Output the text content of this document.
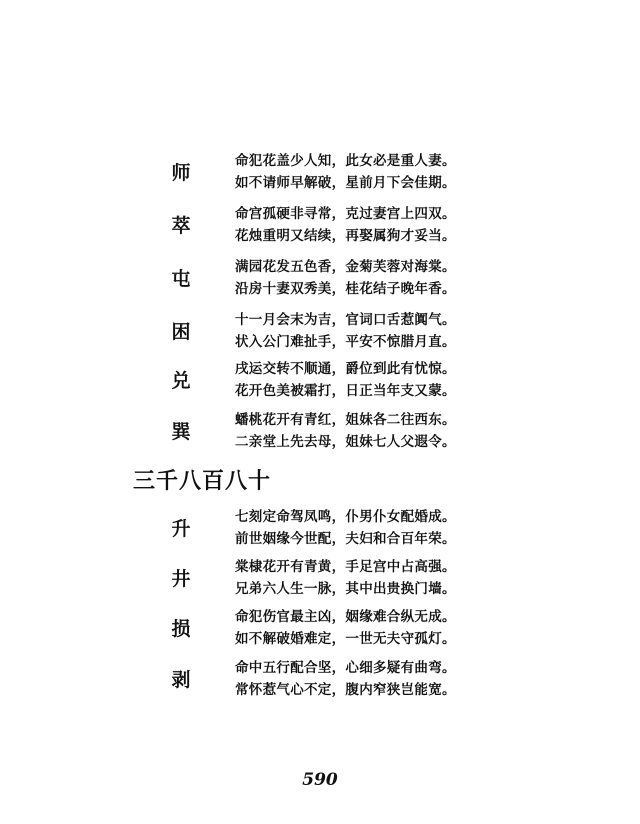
师
命犯花盖少人知，此女必是重人妻。
如不请师早解破，星前月下会佳期。
萃
命宫孤硬非寻常，克过妻宫上四双。
花烛重明又结续，再娶属狗才妥当。
屯
满园花发五色香，金菊芙蓉对海棠。
沿房十妻双秀美，桂花结子晚年香。
困
十一月会末为吉，官词口舌惹阗气。
状入公门难扯手，平安不惊腊月直。
兑
戌运交转不顺通，爵位到此有忧惊。
花开色美被霜打，日正当年支又蒙。
巽
蟠桃花开有青红，姐妹各二往西东。
二亲堂上先去母，姐妹七人父遐令。
三千八百八十
升
七刻定命驾凤鸣，仆男仆女配婚成。
前世姻缘今世配，夫妇和合百年荣。
井
棠棣花开有青黄，手足宫中占高强。
兄弟六人生一脉，其中出贵换门墙。
损
命犯伤官最主凶，姻缘难合纵无成。
如不解破婚难定，一世无夫守孤灯。
剥
命中五行配合坚，心细多疑有曲弯。
常怀惹气心不定，腹内窄狭岂能宽。
590
